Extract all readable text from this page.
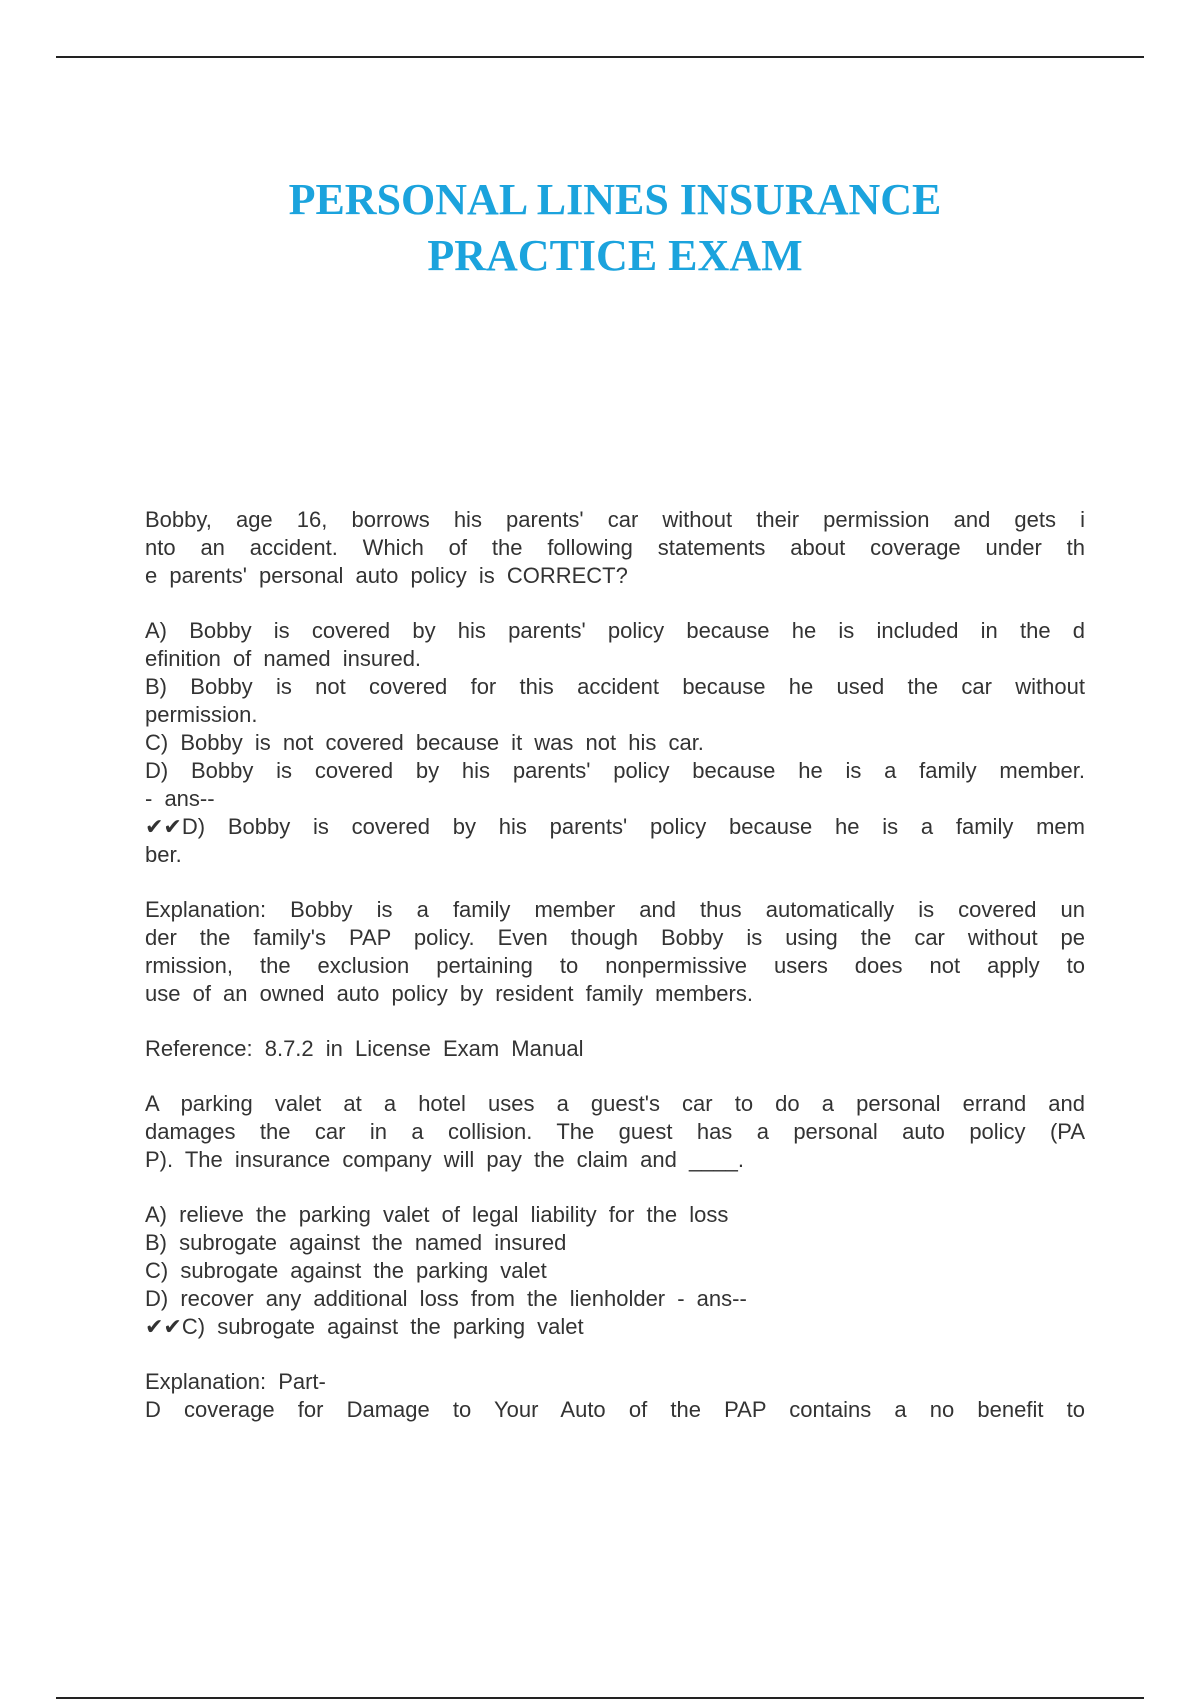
PERSONAL LINES INSURANCE
PRACTICE EXAM
Bobby, age 16, borrows his parents' car without their permission and gets i
nto an accident. Which of the following statements about coverage under th
e parents' personal auto policy is CORRECT?
A) Bobby is covered by his parents' policy because he is included in the d
efinition of named insured.
B) Bobby is not covered for this accident because he used the car without
permission.
C) Bobby is not covered because it was not his car.
D) Bobby is covered by his parents' policy because he is a family member.
- ans--
✔✔D) Bobby is covered by his parents' policy because he is a family mem
ber.
Explanation: Bobby is a family member and thus automatically is covered un
der the family's PAP policy. Even though Bobby is using the car without pe
rmission, the exclusion pertaining to nonpermissive users does not apply to
use of an owned auto policy by resident family members.
Reference: 8.7.2 in License Exam Manual
A parking valet at a hotel uses a guest's car to do a personal errand and
damages the car in a collision. The guest has a personal auto policy (PA
P). The insurance company will pay the claim and ____.
A) relieve the parking valet of legal liability for the loss
B) subrogate against the named insured
C) subrogate against the parking valet
D) recover any additional loss from the lienholder - ans--
✔✔C) subrogate against the parking valet
Explanation: Part-
D coverage for Damage to Your Auto of the PAP contains a no benefit to
